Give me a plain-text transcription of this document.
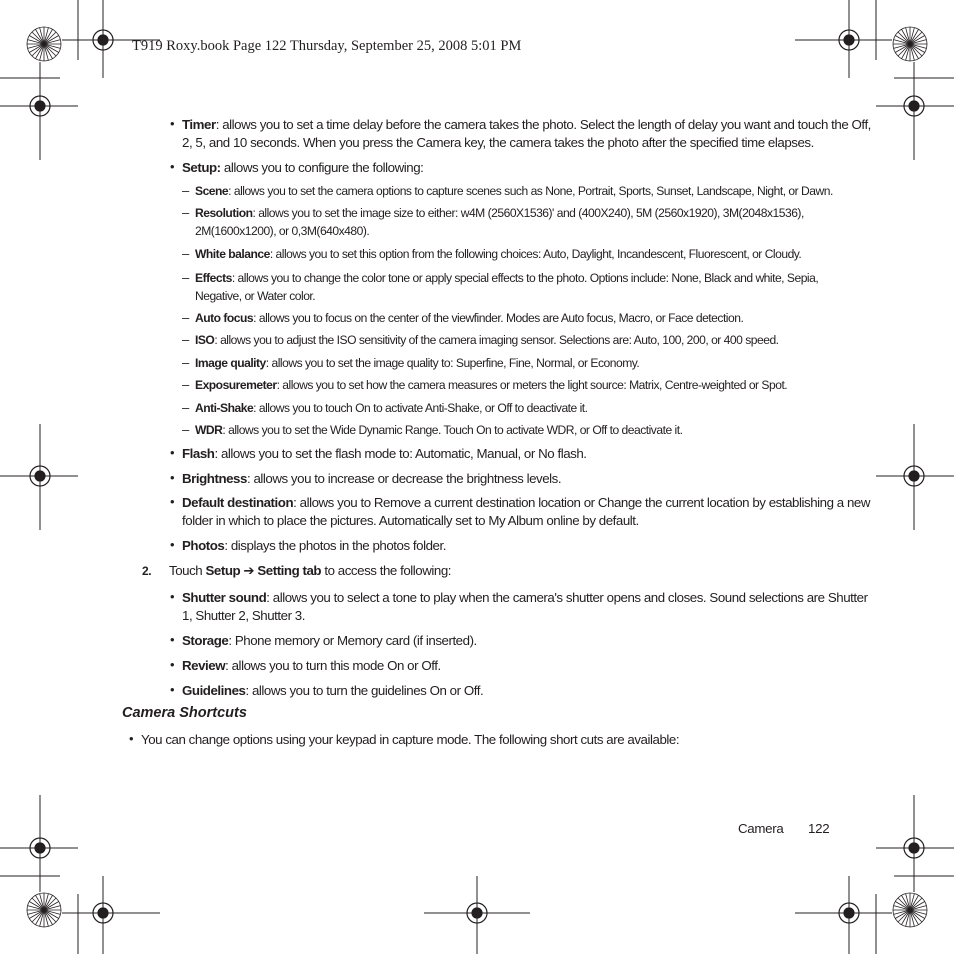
T919 Roxy.book Page 122 Thursday, September 25, 2008 5:01 PM
• Timer: allows you to set a time delay before the camera takes the photo. Select the length of delay you want and touch the Off,
2, 5, and 10 seconds. When you press the Camera key, the camera takes the photo after the specified time elapses.
• Setup: allows you to configure the following:
– Scene: allows you to set the camera options to capture scenes such as None, Portrait, Sports, Sunset, Landscape, Night, or Dawn.
– Resolution: allows you to set the image size to either: w4M (2560X1536)' and (400X240), 5M (2560x1920), 3M(2048x1536),
2M(1600x1200), or 0,3M(640x480).
– White balance: allows you to set this option from the following choices: Auto, Daylight, Incandescent, Fluorescent, or Cloudy.
– Effects: allows you to change the color tone or apply special effects to the photo. Options include: None, Black and white, Sepia,
Negative, or Water color.
– Auto focus: allows you to focus on the center of the viewfinder. Modes are Auto focus, Macro, or Face detection.
– ISO: allows you to adjust the ISO sensitivity of the camera imaging sensor. Selections are: Auto, 100, 200, or 400 speed.
– Image quality: allows you to set the image quality to: Superfine, Fine, Normal, or Economy.
– Exposuremeter: allows you to set how the camera measures or meters the light source: Matrix, Centre-weighted or Spot.
– Anti-Shake: allows you to touch On to activate Anti-Shake, or Off to deactivate it.
– WDR: allows you to set the Wide Dynamic Range. Touch On to activate WDR, or Off to deactivate it.
• Flash: allows you to set the flash mode to: Automatic, Manual, or No flash.
• Brightness: allows you to increase or decrease the brightness levels.
• Default destination: allows you to Remove a current destination location or Change the current location by establishing a new
folder in which to place the pictures. Automatically set to My Album online by default.
• Photos: displays the photos in the photos folder.
2. Touch Setup ➔ Setting tab to access the following:
• Shutter sound: allows you to select a tone to play when the camera's shutter opens and closes. Sound selections are Shutter
1, Shutter 2, Shutter 3.
• Storage: Phone memory or Memory card (if inserted).
• Review: allows you to turn this mode On or Off.
• Guidelines: allows you to turn the guidelines On or Off.
• You can change options using your keypad in capture mode. The following short cuts are available:
Camera Shortcuts
Camera 122
